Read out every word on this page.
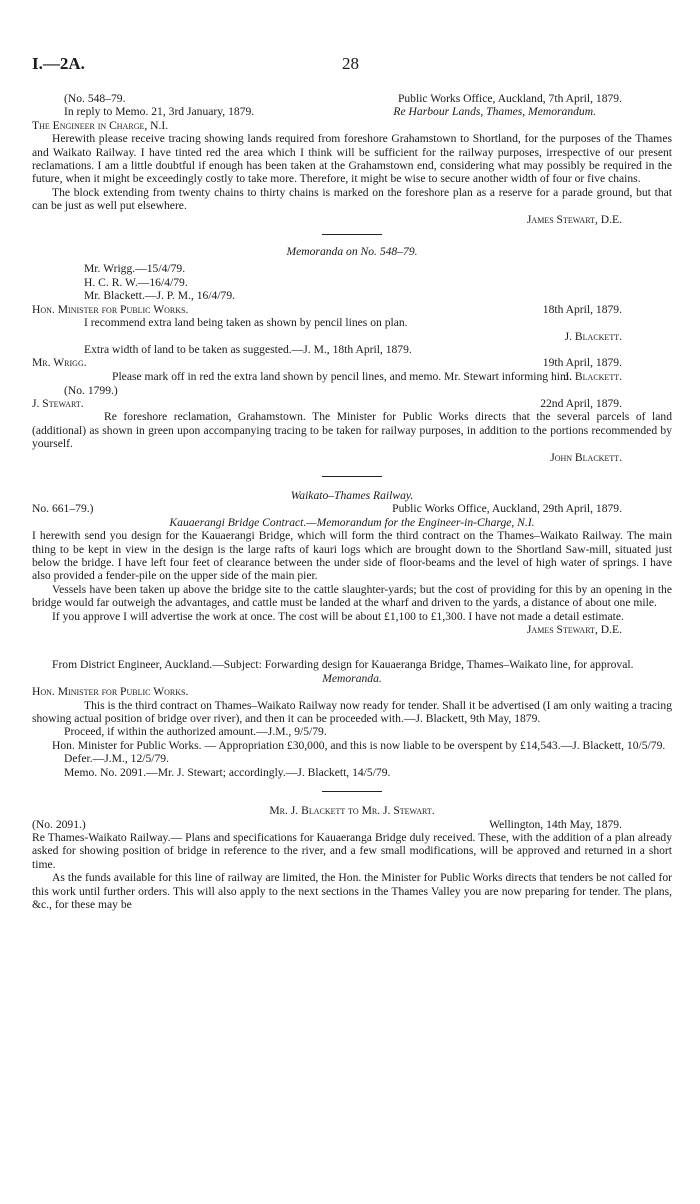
I.—2A.	28
(No. 548–79.	Public Works Office, Auckland, 7th April, 1879.
In reply to Memo. 21, 3rd January, 1879.	Re Harbour Lands, Thames, Memorandum.

The Engineer in Charge, N.I.

Herewith please receive tracing showing lands required from foreshore Grahamstown to Shortland, for the purposes of the Thames and Waikato Railway. I have tinted red the area which I think will be sufficient for the railway purposes, irrespective of our present reclamations. I am a little doubtful if enough has been taken at the Grahamstown end, considering what may possibly be required in the future, when it might be exceedingly costly to take more. Therefore, it might be wise to secure another width of four or five chains.

The block extending from twenty chains to thirty chains is marked on the foreshore plan as a reserve for a parade ground, but that can be just as well put elsewhere.

James Stewart, D.E.

Memoranda on No. 548–79.

Mr. Wrigg.—15/4/79.

H. C. R. W.—16/4/79.

Mr. Blackett.—J. P. M., 16/4/79.

Hon. Minister for Public Works.	18th April, 1879.

I recommend extra land being taken as shown by pencil lines on plan.

J. Blackett.

Extra width of land to be taken as suggested.—J. M., 18th April, 1879.

Mr. Wrigg.	19th April, 1879.

Please mark off in red the extra land shown by pencil lines, and memo. Mr. Stewart informing him.

J. Blackett.

(No. 1799.)

J. Stewart.	22nd April, 1879.

Re foreshore reclamation, Grahamstown. The Minister for Public Works directs that the several parcels of land (additional) as shown in green upon accompanying tracing to be taken for railway purposes, in addition to the portions recommended by yourself.

John Blackett.

Waikato–Thames Railway.

No. 661–79.)	Public Works Office, Auckland, 29th April, 1879.

Kauaerangi Bridge Contract.—Memorandum for the Engineer-in-Charge, N.I.

I herewith send you design for the Kauaerangi Bridge, which will form the third contract on the Thames–Waikato Railway. The main thing to be kept in view in the design is the large rafts of kauri logs which are brought down to the Shortland Saw-mill, situated just below the bridge. I have left four feet of clearance between the under side of floor-beams and the level of high water of springs. I have also provided a fender-pile on the upper side of the main pier.

Vessels have been taken up above the bridge site to the cattle slaughter-yards; but the cost of providing for this by an opening in the bridge would far outweigh the advantages, and cattle must be landed at the wharf and driven to the yards, a distance of about one mile.

If you approve I will advertise the work at once. The cost will be about £1,100 to £1,300. I have not made a detail estimate.

James Stewart, D.E.

From District Engineer, Auckland.—Subject: Forwarding design for Kauaeranga Bridge, Thames–Waikato line, for approval.

Memoranda.

Hon. Minister for Public Works.

This is the third contract on Thames–Waikato Railway now ready for tender. Shall it be advertised (I am only waiting a tracing showing actual position of bridge over river), and then it can be proceeded with.—J. Blackett, 9th May, 1879.

Proceed, if within the authorized amount.—J.M., 9/5/79.

Hon. Minister for Public Works. — Appropriation £30,000, and this is now liable to be overspent by £14,543.—J. Blackett, 10/5/79.

Defer.—J.M., 12/5/79.

Memo. No. 2091.—Mr. J. Stewart; accordingly.—J. Blackett, 14/5/79.

Mr. J. Blackett to Mr. J. Stewart.

(No. 2091.)	Wellington, 14th May, 1879.

Re Thames-Waikato Railway.— Plans and specifications for Kauaeranga Bridge duly received. These, with the addition of a plan already asked for showing position of bridge in reference to the river, and a few small modifications, will be approved and returned in a short time.

As the funds available for this line of railway are limited, the Hon. the Minister for Public Works directs that tenders be not called for this work until further orders. This will also apply to the next sections in the Thames Valley you are now preparing for tender. The plans, &c., for these may be
